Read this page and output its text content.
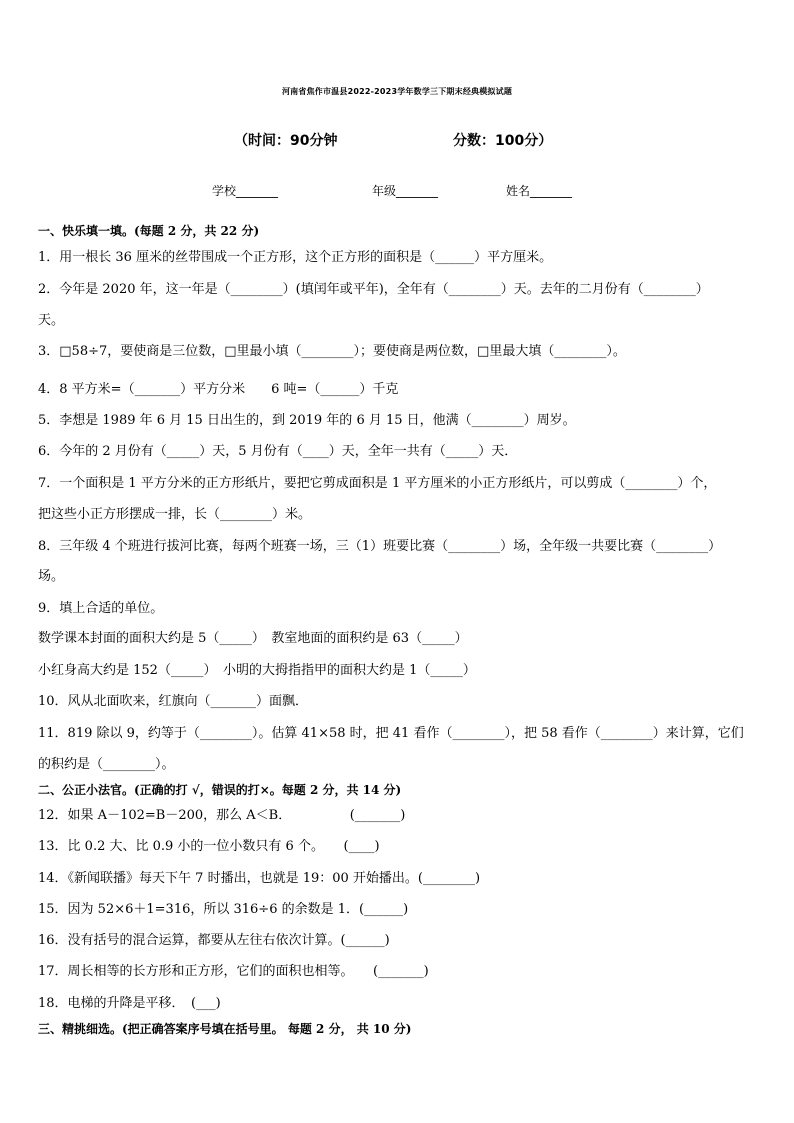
河南省焦作市温县2022-2023学年数学三下期末经典模拟试题
（时间：90分钟	分数：100分）
学校_______	年级_______	姓名_______
一、快乐填一填。(每题 2 分，共 22 分)
1．用一根长 36 厘米的丝带围成一个正方形，这个正方形的面积是（______）平方厘米。
2．今年是 2020 年，这一年是（________）(填闰年或平年)，全年有（________）天。去年的二月份有（________）
天。
3．□58÷7，要使商是三位数，□里最小填（________）；要使商是两位数，□里最大填（________）。
4．8 平方米=（_______）平方分米　　6 吨=（______）千克
5．李想是 1989 年 6 月 15 日出生的，到 2019 年的 6 月 15 日，他满（________）周岁。
6．今年的 2 月份有（_____）天，5 月份有（____）天，全年一共有（_____）天．
7．一个面积是 1 平方分米的正方形纸片，要把它剪成面积是 1 平方厘米的小正方形纸片，可以剪成（________）个，
把这些小正方形摆成一排，长（________）米。
8．三年级 4 个班进行拔河比赛，每两个班赛一场，三（1）班要比赛（________）场，全年级一共要比赛（________）
场。
9．填上合适的单位。
数学课本封面的面积大约是 5（_____）　教室地面的面积约是 63（_____）
小红身高大约是 152（_____）　小明的大拇指指甲的面积大约是 1（_____）
10．风从北面吹来，红旗向（_______）面飘．
11．819 除以 9，约等于（________）。估算 41×58 时，把 41 看作（________），把 58 看作（________）来计算，它们
的积约是（________）。
二、公正小法官。(正确的打 √，错误的打×。每题 2 分，共 14 分)
12．如果 A－102=B－200，那么 A＜B．　　　　　(_______)
13．比 0.2 大、比 0.9 小的一位小数只有 6 个。　　(____)
14．《新闻联播》每天下午 7 时播出，也就是 19：00 开始播出。(________)
15．因为 52×6＋1=316，所以 316÷6 的余数是 1．(______)
16．没有括号的混合运算，都要从左往右依次计算。(______)
17．周长相等的长方形和正方形，它们的面积也相等。　　(_______)
18．电梯的升降是平移．　(___)
三、精挑细选。(把正确答案序号填在括号里。 每题 2 分， 共 10 分)
